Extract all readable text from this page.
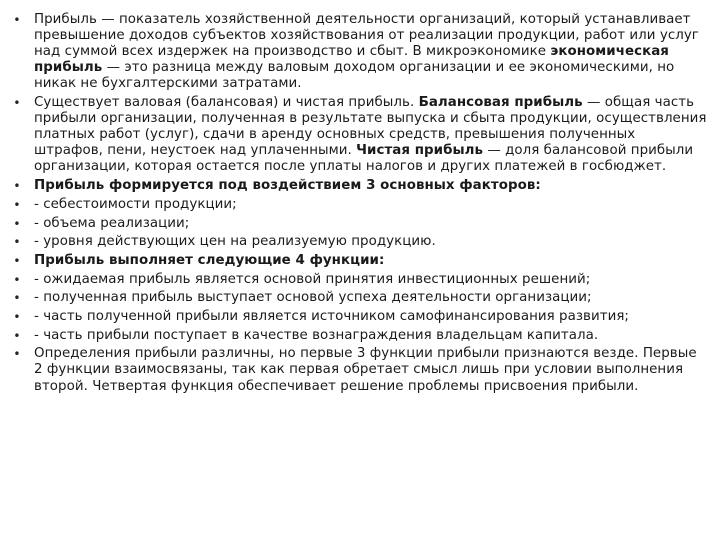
• Прибыль — показатель хозяйственной деятельности организаций, который устанавливает превышение доходов субъектов хозяйствования от реализации продукции, работ или услуг над суммой всех издержек на производство и сбыт. В микроэкономике экономическая прибыль — это разница между валовым доходом организации и ее экономическими, но никак не бухгалтерскими затратами.
• Существует валовая (балансовая) и чистая прибыль. Балансовая прибыль — общая часть прибыли организации, полученная в результате выпуска и сбыта продукции, осуществления платных работ (услуг), сдачи в аренду основных средств, превышения полученных штрафов, пени, неустоек над уплаченными. Чистая прибыль — доля балансовой прибыли организации, которая остается после уплаты налогов и других платежей в госбюджет.
• Прибыль формируется под воздействием 3 основных факторов:
• - себестоимости продукции;
• - объема реализации;
• - уровня действующих цен на реализуемую продукцию.
• Прибыль выполняет следующие 4 функции:
• - ожидаемая прибыль является основой принятия инвестиционных решений;
• - полученная прибыль выступает основой успеха деятельности организации;
• - часть полученной прибыли является источником самофинансирования развития;
• - часть прибыли поступает в качестве вознаграждения владельцам капитала.
• Определения прибыли различны, но первые 3 функции прибыли признаются везде. Первые 2 функции взаимосвязаны, так как первая обретает смысл лишь при условии выполнения второй. Четвертая функция обеспечивает решение проблемы присвоения прибыли.
